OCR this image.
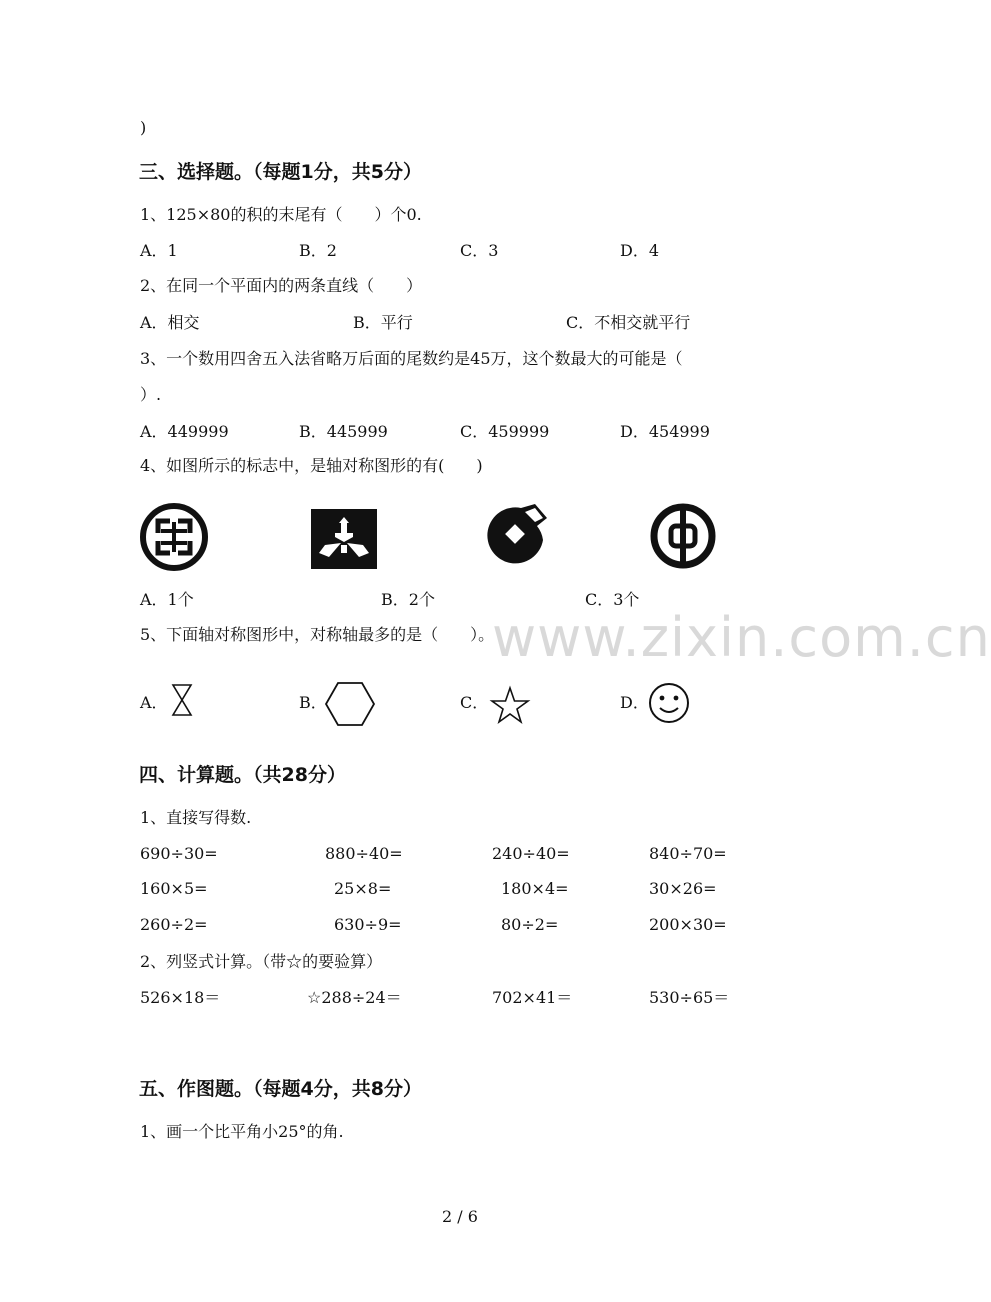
www.zixin.com.cn
)
三、选择题。（每题1分，共5分）
1、125×80的积的末尾有（　　）个0.
A．1	B．2	C．3	D．4
2、在同一个平面内的两条直线（　　）
A．相交	B．平行	C．不相交就平行
3、一个数用四舍五入法省略万后面的尾数约是45万，这个数最大的可能是（
）.
A．449999	B．445999	C．459999	D．454999
4、如图所示的标志中，是轴对称图形的有(　　)
A．1个	B．2个	C．3个
5、下面轴对称图形中，对称轴最多的是（　　）。
A．	B．	C．	D．
四、计算题。（共28分）
1、直接写得数.
690÷30=	880÷40=	240÷40=	840÷70=
160×5=	25×8=	180×4=	30×26=
260÷2=	630÷9=	80÷2=	200×30=
2、列竖式计算。（带☆的要验算）
526×18＝	☆288÷24＝	702×41＝	530÷65＝
五、作图题。（每题4分，共8分）
1、画一个比平角小25°的角.
2 / 6
